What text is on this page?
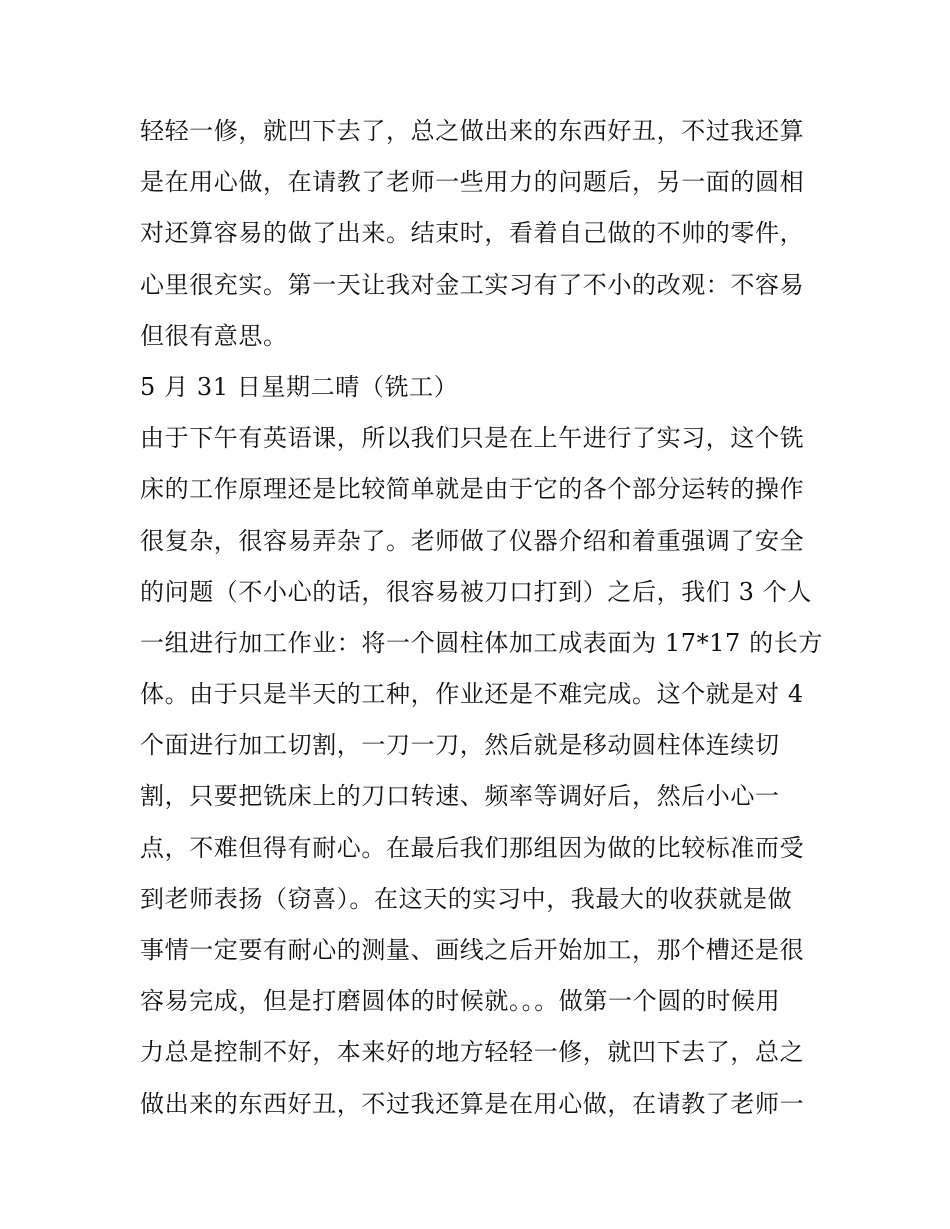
轻轻一修，就凹下去了，总之做出来的东西好丑，不过我还算
是在用心做，在请教了老师一些用力的问题后，另一面的圆相
对还算容易的做了出来。结束时，看着自己做的不帅的零件，
心里很充实。第一天让我对金工实习有了不小的改观：不容易
但很有意思。
5 月 31 日星期二晴（铣工）
由于下午有英语课，所以我们只是在上午进行了实习，这个铣
床的工作原理还是比较简单就是由于它的各个部分运转的操作
很复杂，很容易弄杂了。老师做了仪器介绍和着重强调了安全
的问题（不小心的话，很容易被刀口打到）之后，我们 3 个人
一组进行加工作业：将一个圆柱体加工成表面为 17*17 的长方
体。由于只是半天的工种，作业还是不难完成。这个就是对 4
个面进行加工切割，一刀一刀，然后就是移动圆柱体连续切
割，只要把铣床上的刀口转速、频率等调好后，然后小心一
点，不难但得有耐心。在最后我们那组因为做的比较标准而受
到老师表扬（窃喜）。在这天的实习中，我最大的收获就是做
事情一定要有耐心的测量、画线之后开始加工，那个槽还是很
容易完成，但是打磨圆体的时候就。。。做第一个圆的时候用
力总是控制不好，本来好的地方轻轻一修，就凹下去了，总之
做出来的东西好丑，不过我还算是在用心做，在请教了老师一
